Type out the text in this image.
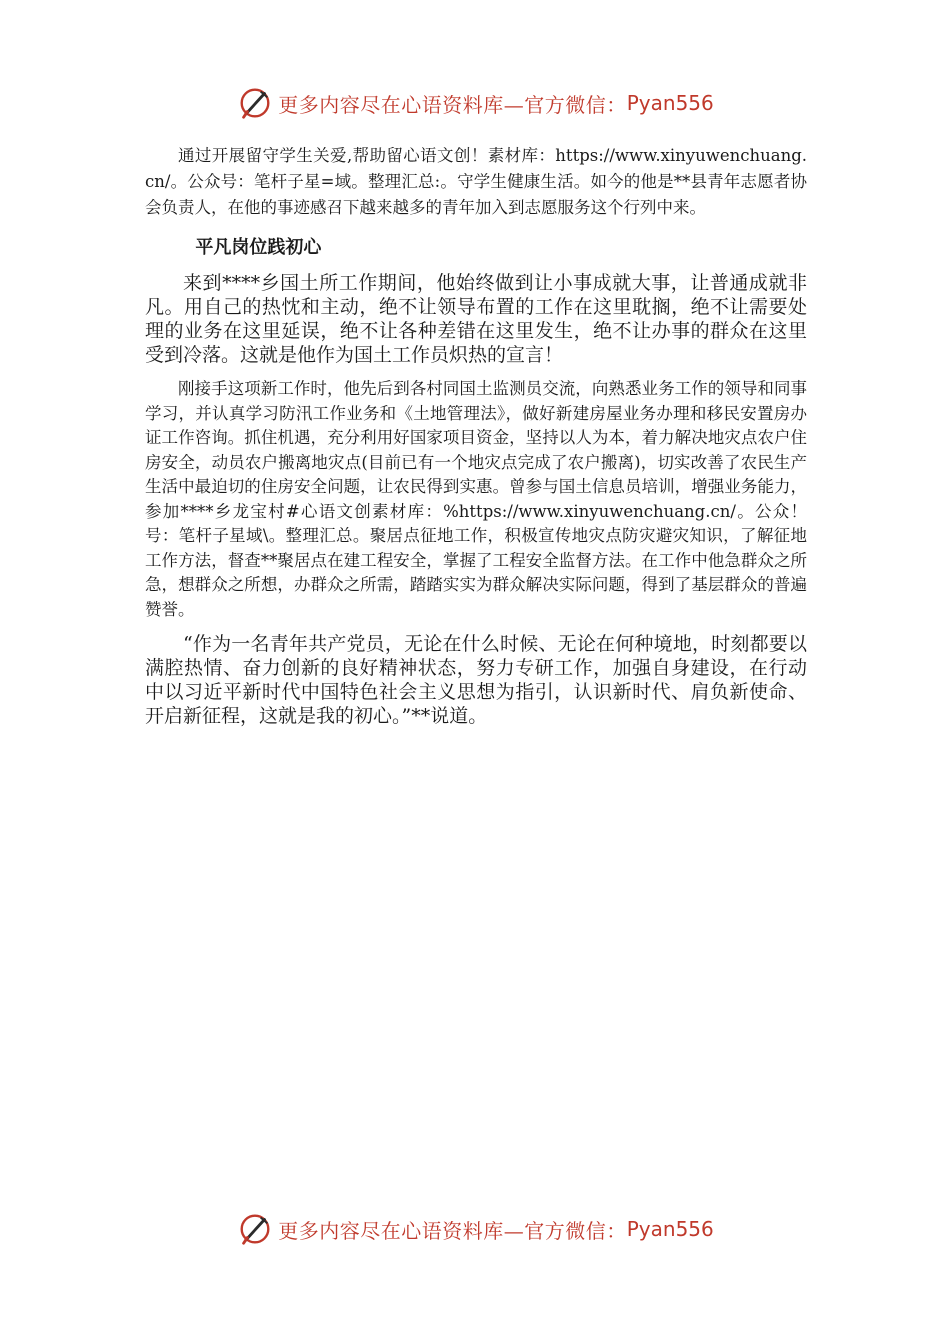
更多内容尽在心语资料库—官方微信： Pyan556

通过开展留守学生关爱,帮助留心语文创！素材库：https://www.xinyuwenchuang.cn/。公众号：笔杆子星=域。整理汇总:。守学生健康生活。如今的他是**县青年志愿者协会负责人，在他的事迹感召下越来越多的青年加入到志愿服务这个行列中来。

平凡岗位践初心

来到****乡国土所工作期间，他始终做到让小事成就大事，让普通成就非凡。用自己的热忱和主动，绝不让领导布置的工作在这里耽搁，绝不让需要处理的业务在这里延误，绝不让各种差错在这里发生，绝不让办事的群众在这里受到冷落。这就是他作为国土工作员炽热的宣言！

刚接手这项新工作时，他先后到各村同国土监测员交流，向熟悉业务工作的领导和同事学习，并认真学习防汛工作业务和《土地管理法》，做好新建房屋业务办理和移民安置房办证工作咨询。抓住机遇，充分利用好国家项目资金，坚持以人为本，着力解决地灾点农户住房安全，动员农户搬离地灾点(目前已有一个地灾点完成了农户搬离)，切实改善了农民生产生活中最迫切的住房安全问题，让农民得到实惠。曾参与国土信息员培训，增强业务能力，参加****乡龙宝村#心语文创素材库：%https://www.xinyuwenchuang.cn/。公众！号：笔杆子星域\。整理汇总。聚居点征地工作，积极宣传地灾点防灾避灾知识，了解征地工作方法，督查**聚居点在建工程安全，掌握了工程安全监督方法。在工作中他急群众之所急，想群众之所想，办群众之所需，踏踏实实为群众解决实际问题，得到了基层群众的普遍赞誉。

“作为一名青年共产党员，无论在什么时候、无论在何种境地，时刻都要以满腔热情、奋力创新的良好精神状态，努力专研工作，加强自身建设，在行动中以习近平新时代中国特色社会主义思想为指引，认识新时代、肩负新使命、开启新征程，这就是我的初心。”**说道。

更多内容尽在心语资料库—官方微信： Pyan556
